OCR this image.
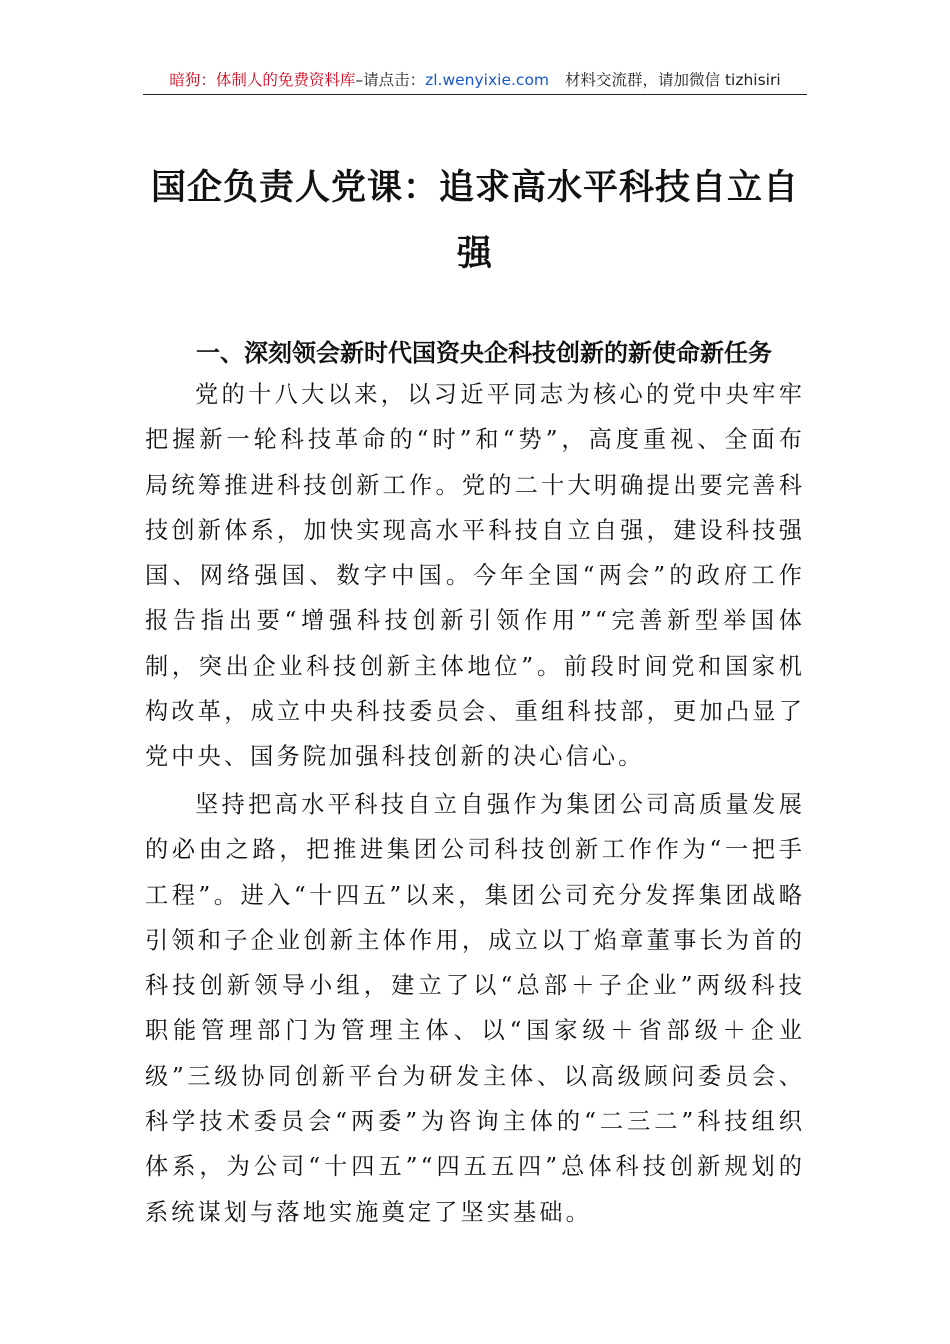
暗狗：体制人的免费资料库–请点击：zl.wenyixie.com 材料交流群，请加微信 tizhisiri
国企负责人党课：追求高水平科技自立自强
一、深刻领会新时代国资央企科技创新的新使命新任务

党的十八大以来，以习近平同志为核心的党中央牢牢把握新一轮科技革命的“时”和“势”，高度重视、全面布局统筹推进科技创新工作。党的二十大明确提出要完善科技创新体系，加快实现高水平科技自立自强，建设科技强国、网络强国、数字中国。今年全国“两会”的政府工作报告指出要“增强科技创新引领作用”“完善新型举国体制，突出企业科技创新主体地位”。前段时间党和国家机构改革，成立中央科技委员会、重组科技部，更加凸显了党中央、国务院加强科技创新的决心信心。

坚持把高水平科技自立自强作为集团公司高质量发展的必由之路，把推进集团公司科技创新工作作为“一把手工程”。进入“十四五”以来，集团公司充分发挥集团战略引领和子企业创新主体作用，成立以丁焰章董事长为首的科技创新领导小组，建立了以“总部＋子企业”两级科技职能管理部门为管理主体、以“国家级＋省部级＋企业级”三级协同创新平台为研发主体、以高级顾问委员会、科学技术委员会“两委”为咨询主体的“二三二”科技组织体系，为公司“十四五”“四五五四”总体科技创新规划的系统谋划与落地实施奠定了坚实基础。
